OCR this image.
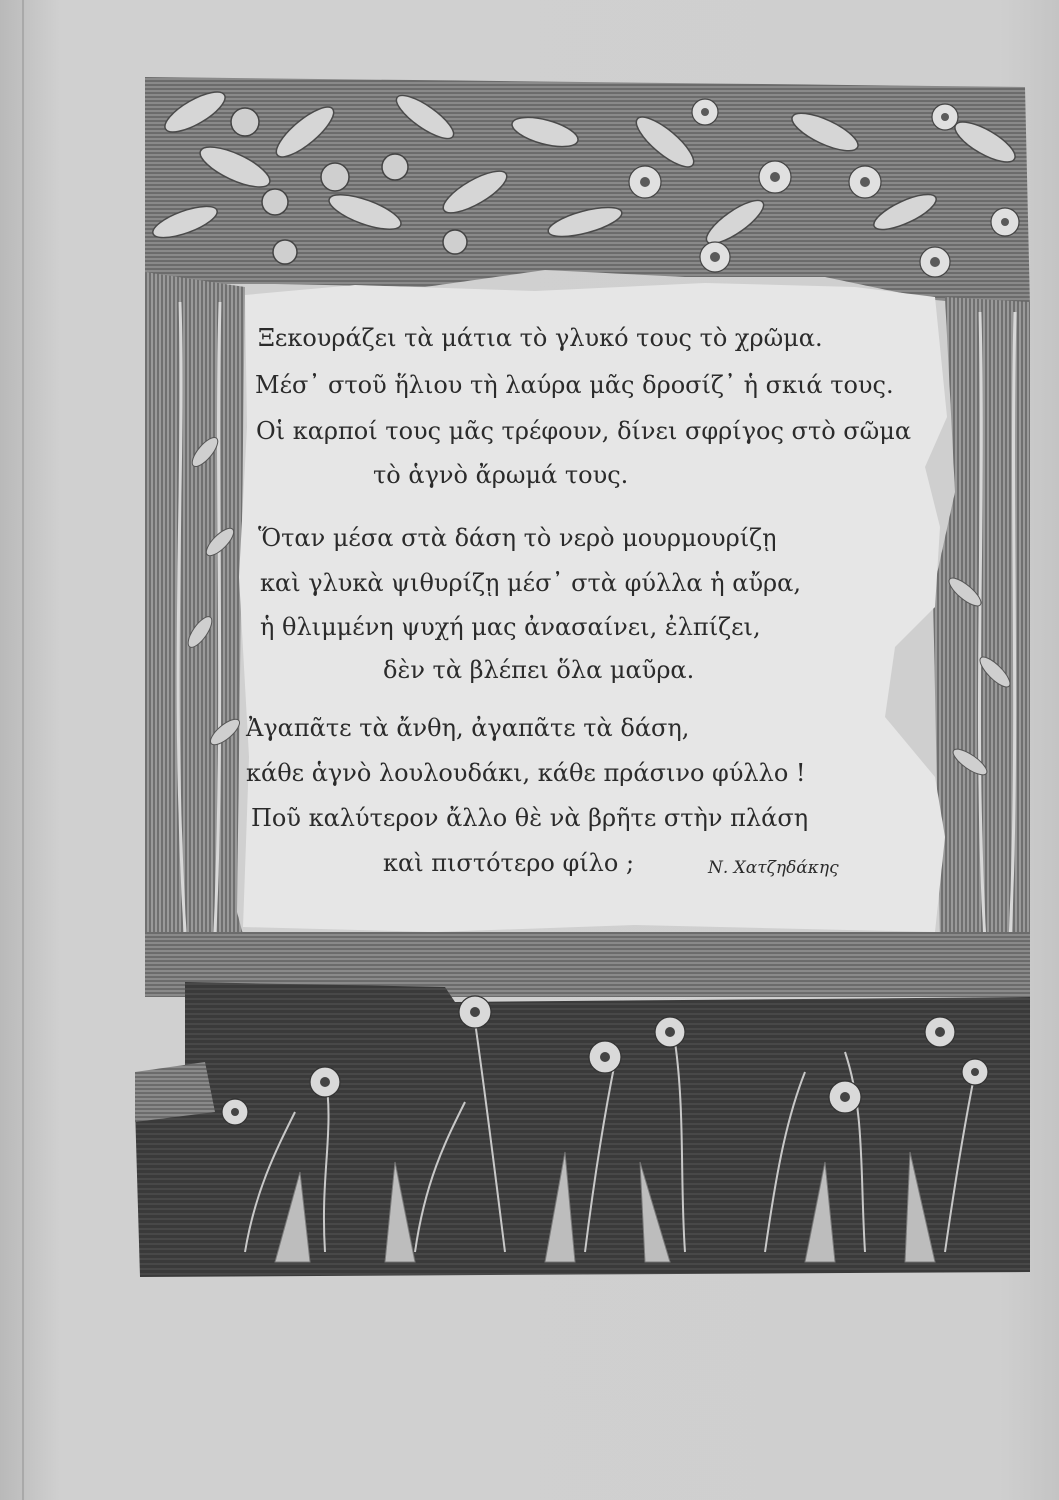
Ξεκουράζει τὰ μάτια τὸ γλυκό τους τὸ χρῶμα.
Μέσ᾽ στοῦ ἥλιου τὴ λαύρα μᾶς δροσίζ᾽ ἡ σκιά τους.
Οἱ καρποί τους μᾶς τρέφουν, δίνει σφρίγος στὸ σῶμα
τὸ ἁγνὸ ἄρωμά τους.
Ὅταν μέσα στὰ δάση τὸ νερὸ μουρμουρίζῃ
καὶ γλυκὰ ψιθυρίζῃ μέσ᾽ στὰ φύλλα ἡ αὔρα,
ἡ θλιμμένη ψυχή μας ἀνασαίνει, ἐλπίζει,
δὲν τὰ βλέπει ὅλα μαῦρα.
Ἀγαπᾶτε τὰ ἄνθη, ἀγαπᾶτε τὰ δάση,
κάθε ἁγνὸ λουλουδάκι, κάθε πράσινο φύλλο !
Ποῦ καλύτερον ἄλλο θὲ νὰ βρῆτε στὴν πλάση
καὶ πιστότερο φίλο ;	Ν. Χατζηδάκης
